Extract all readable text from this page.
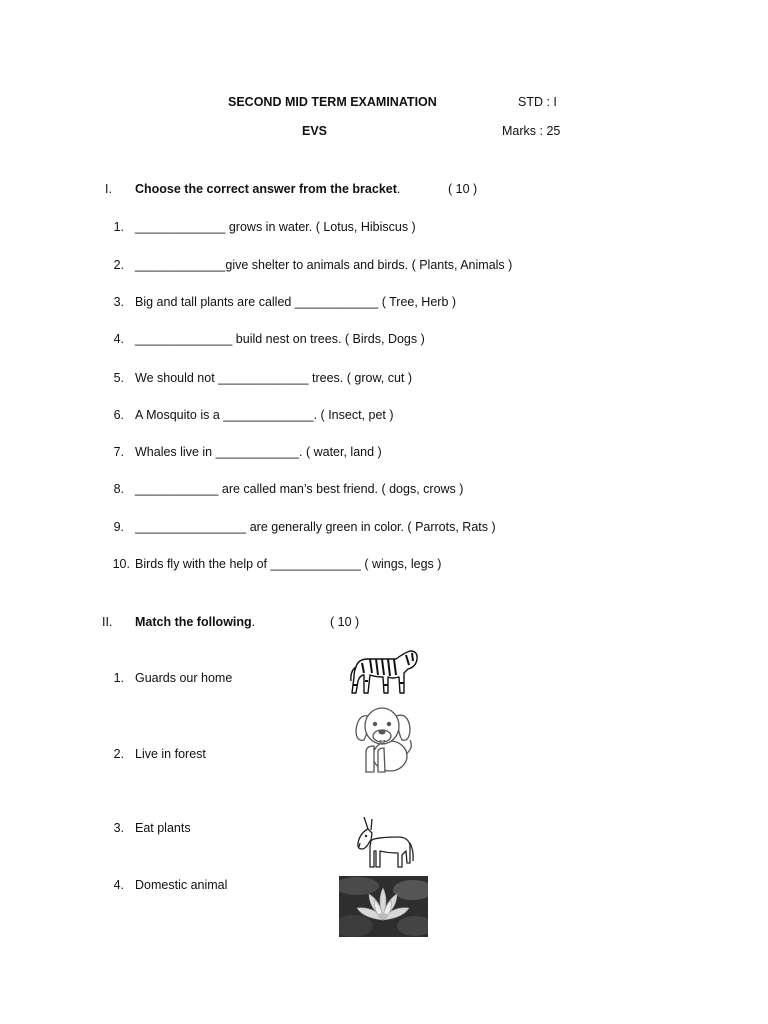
SECOND MID TERM EXAMINATION	STD : I
EVS	Marks : 25
I. Choose the correct answer from the bracket.	( 10 )
1. _____________ grows in water. ( Lotus, Hibiscus )
2. _____________give shelter to animals and birds. ( Plants, Animals )
3. Big and tall plants are called ____________ ( Tree, Herb )
4. ______________ build nest on trees. ( Birds, Dogs )
5. We should not _____________ trees. ( grow, cut )
6. A Mosquito is a _____________. ( Insect, pet )
7. Whales live in ____________. ( water, land )
8. ____________ are called man’s best friend. ( dogs, crows )
9. ________________ are generally green in color. ( Parrots, Rats )
10. Birds fly with the help of _____________ ( wings, legs )
II. Match the following.	( 10 )
1. Guards our home
2. Live in forest
3. Eat plants
4. Domestic animal
